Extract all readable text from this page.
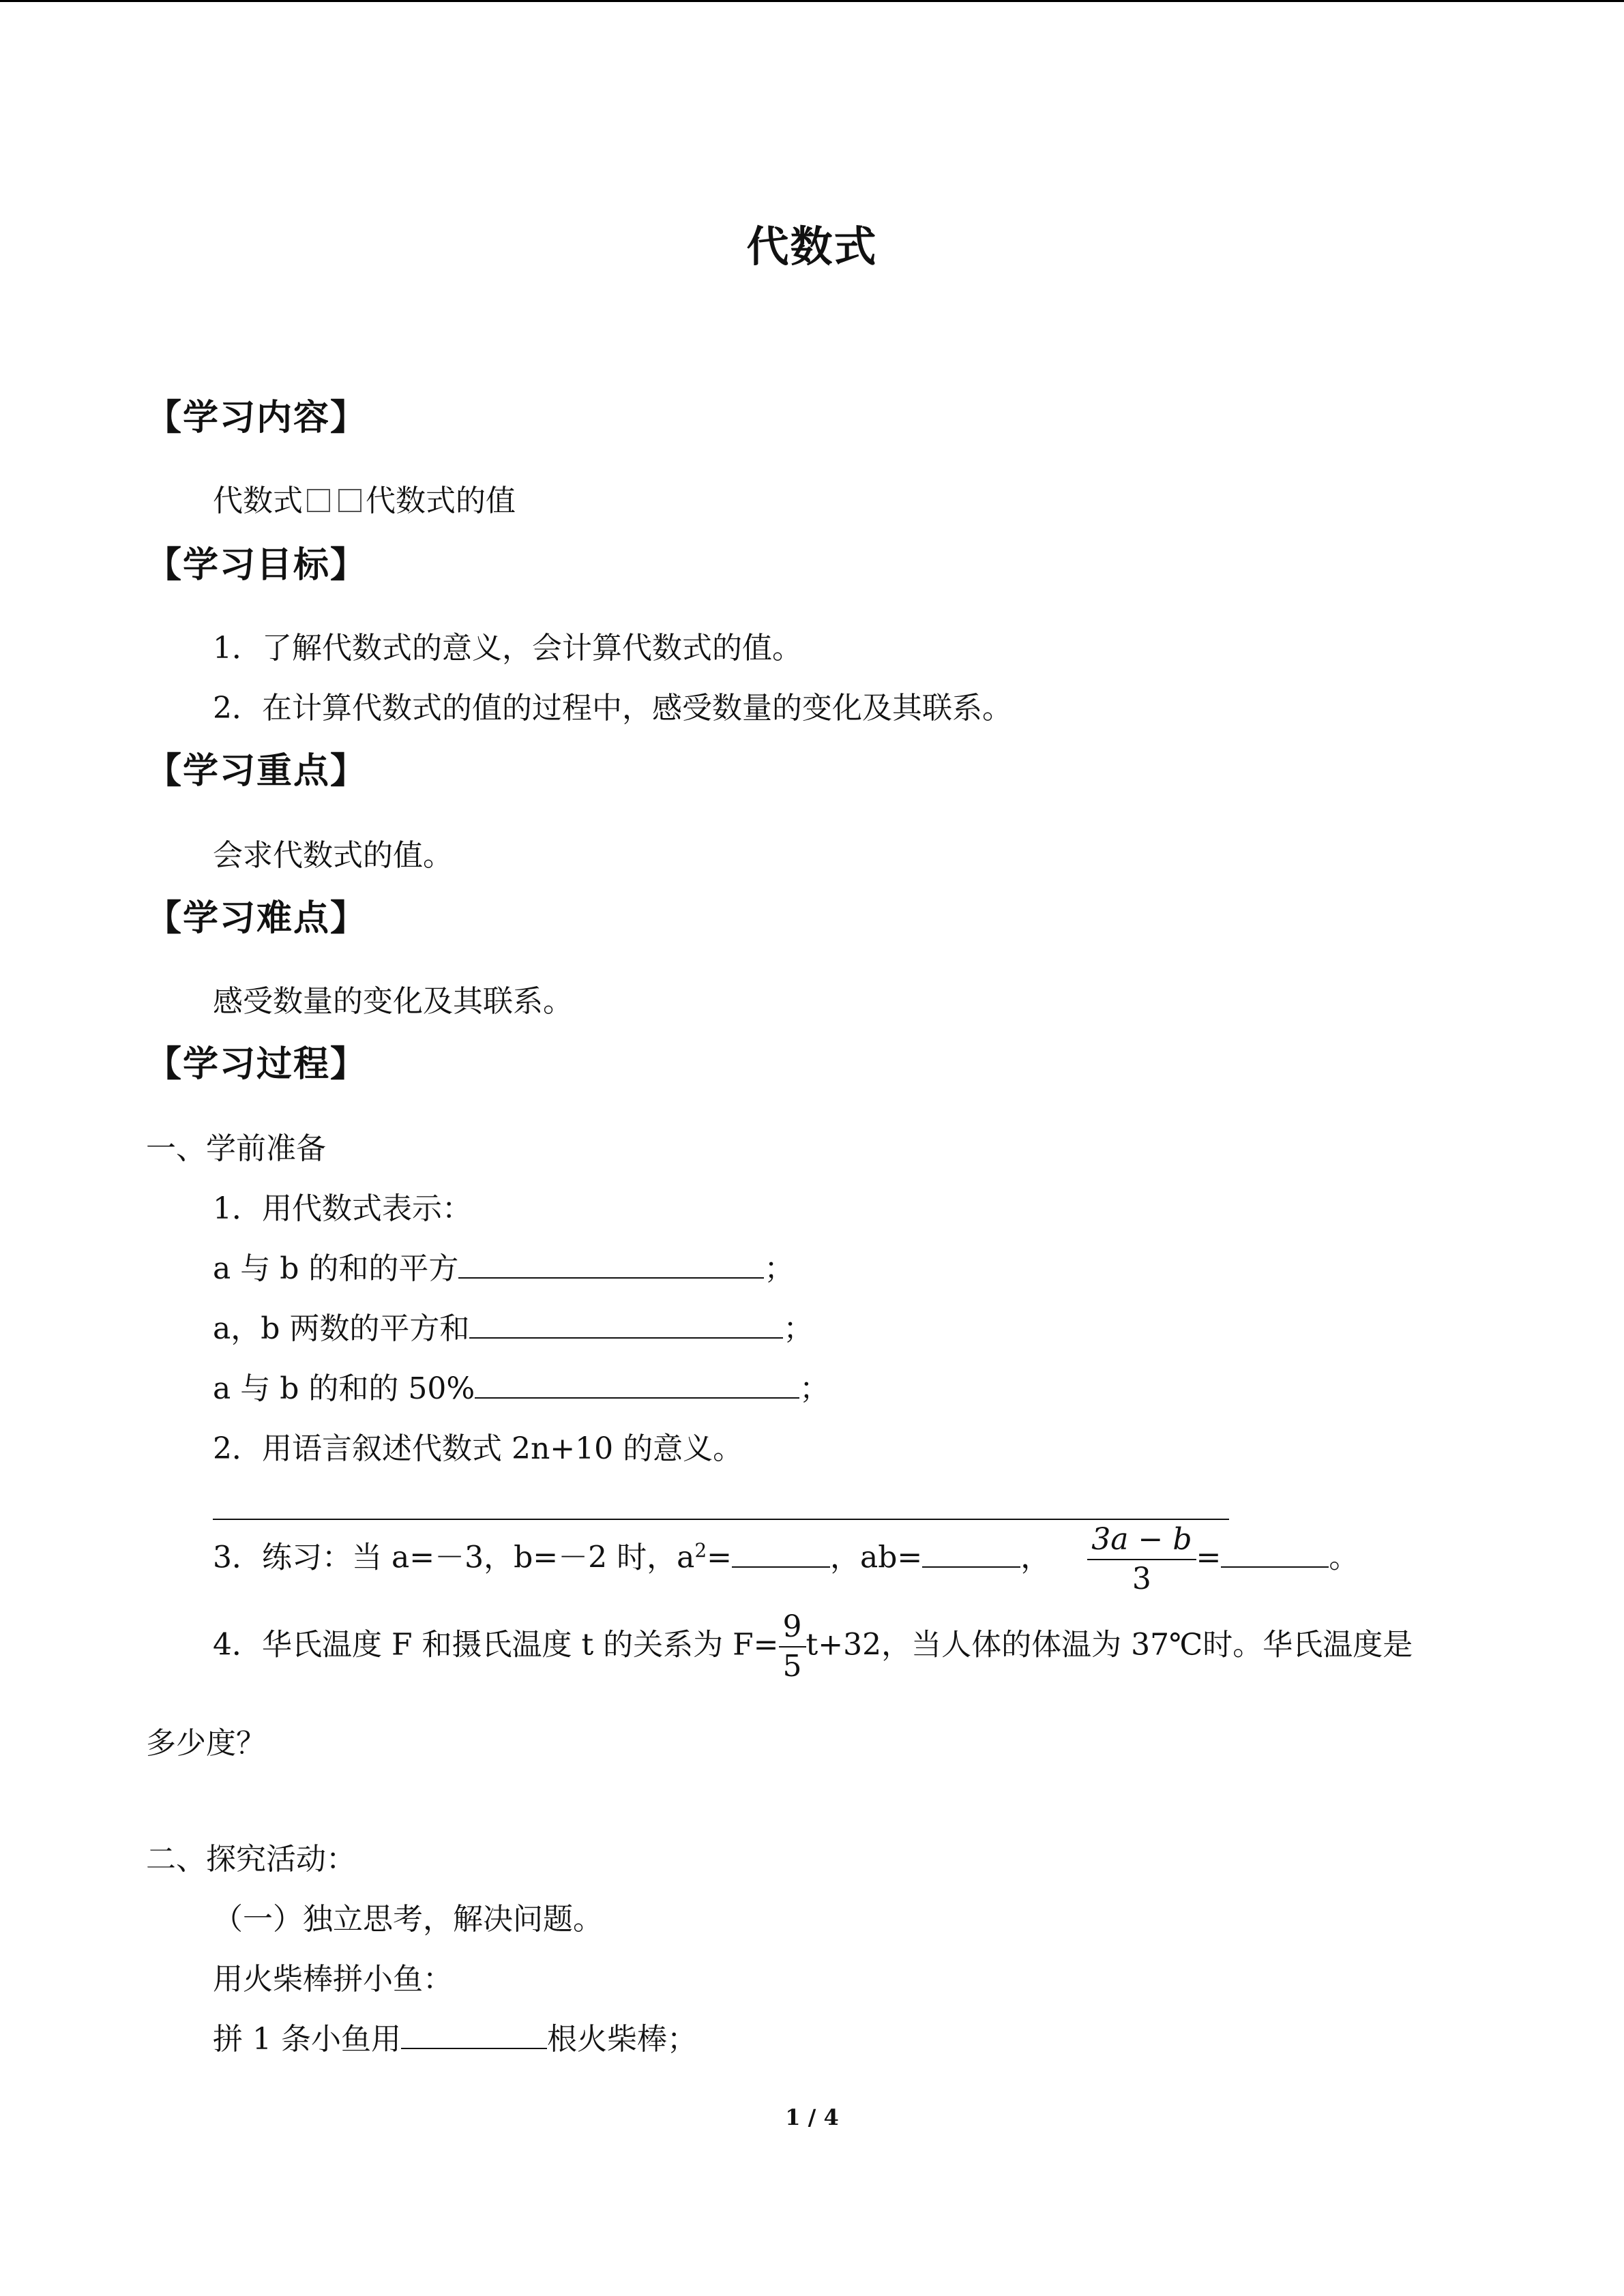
代数式
【学习内容】
代数式 代数式的值
【学习目标】
1．了解代数式的意义，会计算代数式的值。
2．在计算代数式的值的过程中，感受数量的变化及其联系。
【学习重点】
会求代数式的值。
【学习难点】
感受数量的变化及其联系。
【学习过程】
一、学前准备
1．用代数式表示：
a 与 b 的和的平方	；
a，b 两数的平方和	；
a 与 b 的和的 50%	；
2．用语言叙述代数式 2n+10 的意义。
3．练习：当 a=－3，b=－2 时，$a^2=$	，ab=	， $\frac{3a - b}{3}$ =	。
4．华氏温度 F 和摄氏温度 t 的关系为 $F= \frac{9}{5} t+32$，当人体的体温为 37℃时。华氏温度是
多少度？
二、探究活动：
（一）独立思考，解决问题。
用火柴棒拼小鱼：
拼 1 条小鱼用	根火柴棒；
1 / 4
